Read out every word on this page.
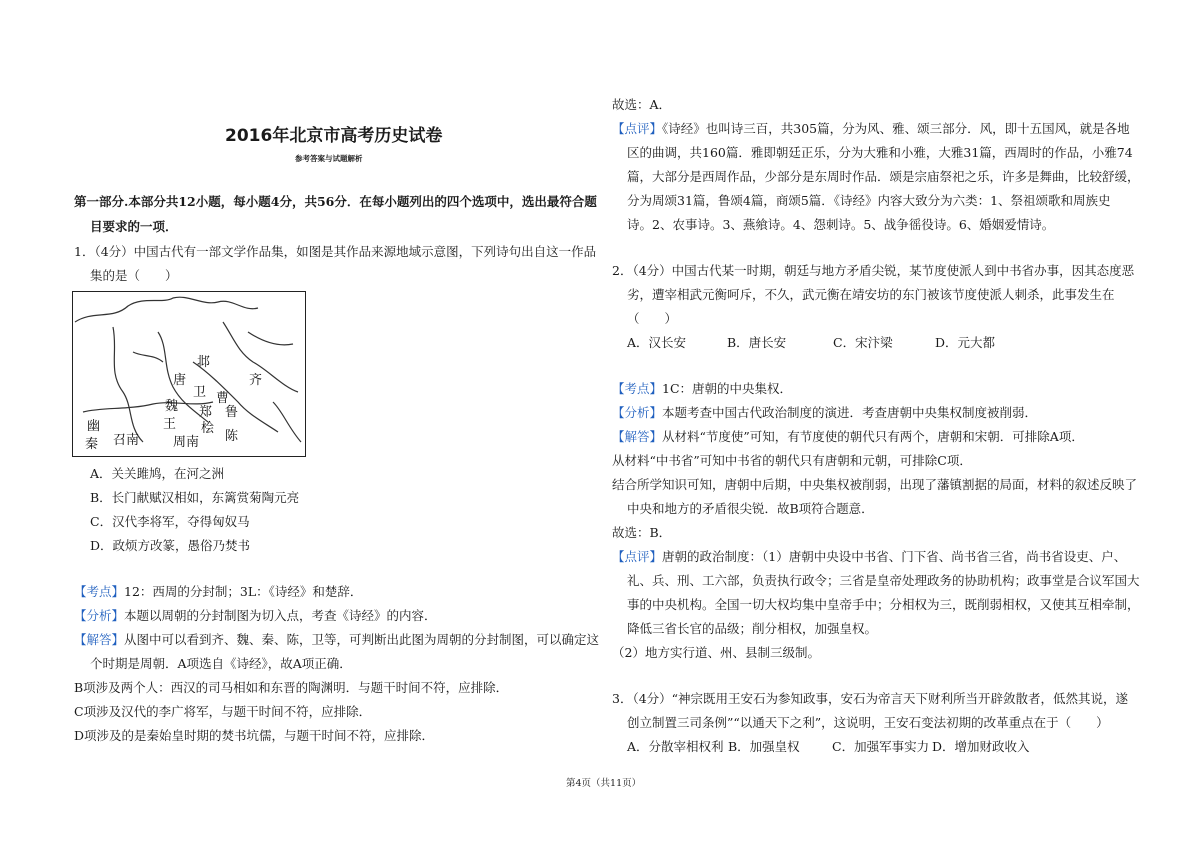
2016年北京市高考历史试卷
参考答案与试题解析
第一部分.本部分共12小题，每小题4分，共56分．在每小题列出的四个选项中，选出最符合题
目要求的一项．
1．（4分）中国古代有一部文学作品集，如图是其作品来源地域示意图，下列诗句出自这一作品
集的是（　　）
邶
唐
卫 曹
齐
魏 郑 鲁
幽	王 桧
秦 召南	周南 陈
A．关关雎鸠，在河之洲
B．长门献赋汉相如，东篱赏菊陶元亮
C．汉代李将军，夺得匈奴马
D．政烦方改篆，愚俗乃焚书
【考点】12：西周的分封制；3L：《诗经》和楚辞．
【分析】本题以周朝的分封制图为切入点，考查《诗经》的内容．
【解答】从图中可以看到齐、魏、秦、陈，卫等，可判断出此图为周朝的分封制图，可以确定这
个时期是周朝．A项选自《诗经》，故A项正确．
B项涉及两个人：西汉的司马相如和东晋的陶渊明．与题干时间不符，应排除．
C项涉及汉代的李广将军，与题干时间不符，应排除．
D项涉及的是秦始皇时期的焚书坑儒，与题干时间不符，应排除．
故选：A．
【点评】《诗经》也叫诗三百，共305篇，分为风、雅、颂三部分．风，即十五国风，就是各地
区的曲调，共160篇．雅即朝廷正乐，分为大雅和小雅，大雅31篇，西周时的作品，小雅74
篇，大部分是西周作品，少部分是东周时作品．颂是宗庙祭祀之乐，许多是舞曲，比较舒缓，
分为周颂31篇，鲁颂4篇，商颂5篇．《诗经》内容大致分为六类：1、祭祖颂歌和周族史
诗。2、农事诗。3、燕飨诗。4、怨刺诗。5、战争徭役诗。6、婚姻爱情诗。
2．（4分）中国古代某一时期，朝廷与地方矛盾尖锐，某节度使派人到中书省办事，因其态度恶
劣，遭宰相武元衡呵斥，不久，武元衡在靖安坊的东门被该节度使派人刺杀，此事发生在
（　　）
A．汉长安	B．唐长安	C．宋汴梁	D．元大都
【考点】1C：唐朝的中央集权．
【分析】本题考查中国古代政治制度的演进．考查唐朝中央集权制度被削弱．
【解答】从材料“节度使”可知，有节度使的朝代只有两个，唐朝和宋朝．可排除A项．
从材料“中书省”可知中书省的朝代只有唐朝和元朝，可排除C项．
结合所学知识可知，唐朝中后期，中央集权被削弱，出现了藩镇割据的局面，材料的叙述反映了
中央和地方的矛盾很尖锐．故B项符合题意．
故选：B．
【点评】唐朝的政治制度：（1）唐朝中央设中书省、门下省、尚书省三省，尚书省设吏、户、
礼、兵、刑、工六部，负责执行政令；三省是皇帝处理政务的协助机构；政事堂是合议军国大
事的中央机构。全国一切大权均集中皇帝手中；分相权为三，既削弱相权，又使其互相牵制，
降低三省长官的品级；削分相权，加强皇权。
（2）地方实行道、州、县制三级制。
3．（4分）“神宗既用王安石为参知政事，安石为帝言天下财利所当开辟敛散者，低然其说，遂
创立制置三司条例”“以通天下之利”，这说明，王安石变法初期的改革重点在于（　　）
A．分散宰相权利 B．加强皇权	C．加强军事实力 D．增加财政收入
第4页（共11页）
